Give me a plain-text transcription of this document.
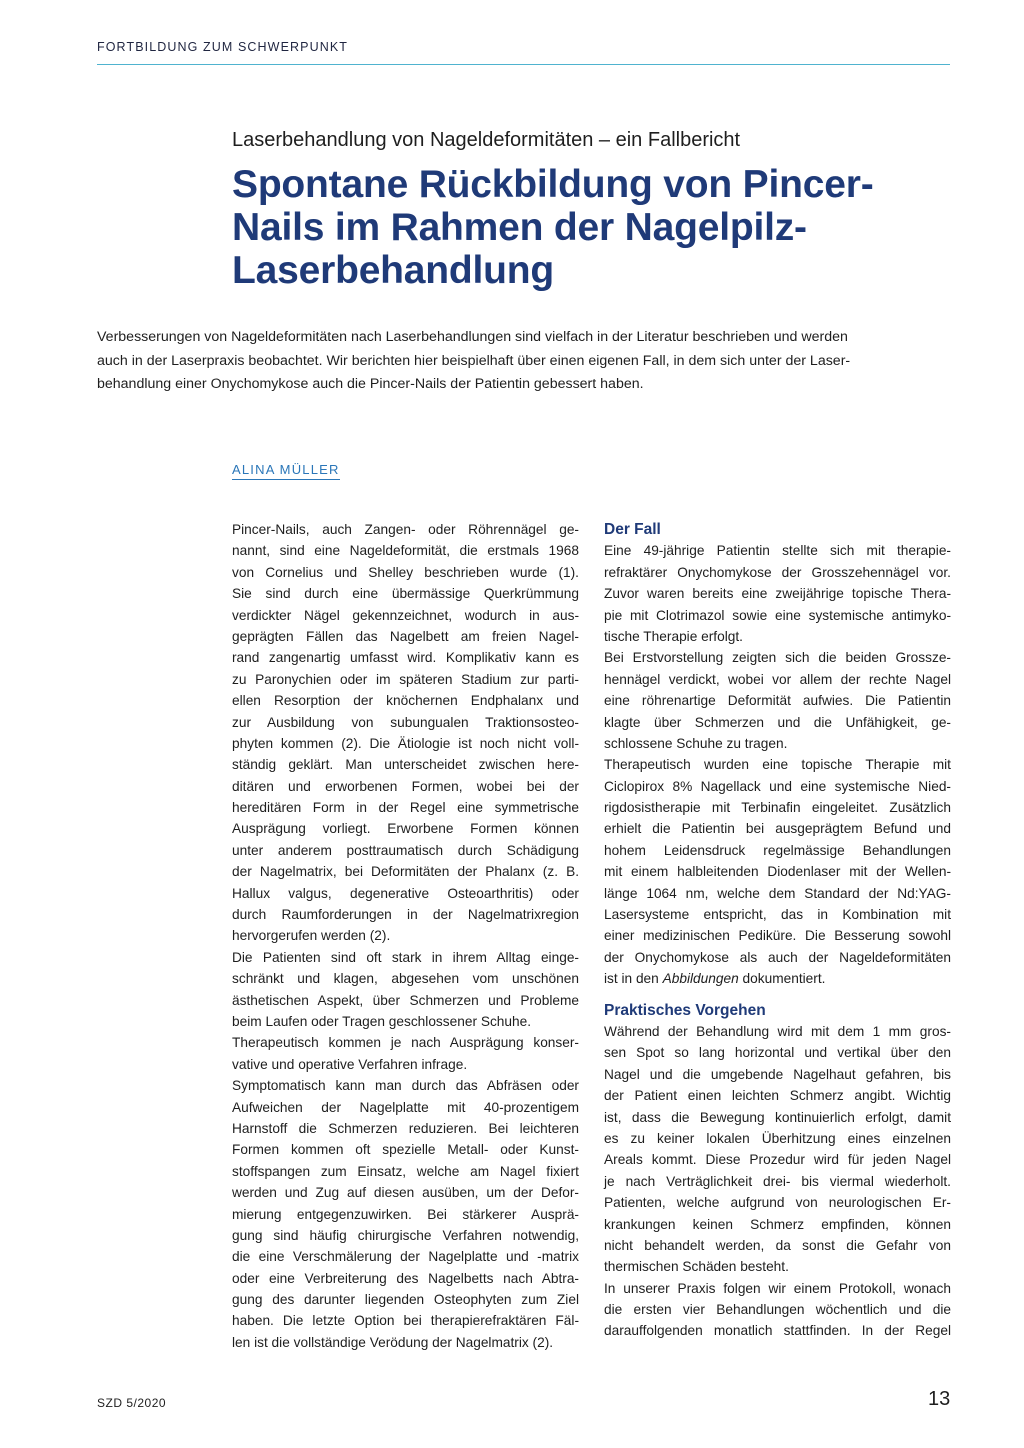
FORTBILDUNG ZUM SCHWERPUNKT
Laserbehandlung von Nageldeformitäten – ein Fallbericht
Spontane Rückbildung von Pincer-
Nails im Rahmen der Nagelpilz-
Laserbehandlung
Verbesserungen von Nageldeformitäten nach Laserbehandlungen sind vielfach in der Literatur beschrieben und werden
auch in der Laserpraxis beobachtet. Wir berichten hier beispielhaft über einen eigenen Fall, in dem sich unter der Laser-
behandlung einer Onychomykose auch die Pincer-Nails der Patientin gebessert haben.
ALINA MÜLLER
Pincer-Nails, auch Zangen- oder Röhrennägel ge-
nannt, sind eine Nageldeformität, die erstmals 1968
von Cornelius und Shelley beschrieben wurde (1).
Sie sind durch eine übermässige Querkrümmung
verdickter Nägel gekennzeichnet, wodurch in aus-
geprägten Fällen das Nagelbett am freien Nagel-
rand zangenartig umfasst wird. Komplikativ kann es
zu Paronychien oder im späteren Stadium zur parti-
ellen Resorption der knöchernen Endphalanx und
zur Ausbildung von subungualen Traktionsosteo-
phyten kommen (2). Die Ätiologie ist noch nicht voll-
ständig geklärt. Man unterscheidet zwischen here-
ditären und erworbenen Formen, wobei bei der
hereditären Form in der Regel eine symmetrische
Ausprägung vorliegt. Erworbene Formen können
unter anderem posttraumatisch durch Schädigung
der Nagelmatrix, bei Deformitäten der Phalanx (z. B.
Hallux valgus, degenerative Osteoarthritis) oder
durch Raumforderungen in der Nagelmatrixregion
hervorgerufen werden (2).
Die Patienten sind oft stark in ihrem Alltag einge-
schränkt und klagen, abgesehen vom unschönen
ästhetischen Aspekt, über Schmerzen und Probleme
beim Laufen oder Tragen geschlossener Schuhe.
Therapeutisch kommen je nach Ausprägung konser-
vative und operative Verfahren infrage.
Symptomatisch kann man durch das Abfräsen oder
Aufweichen der Nagelplatte mit 40-prozentigem
Harnstoff die Schmerzen reduzieren. Bei leichteren
Formen kommen oft spezielle Metall- oder Kunst-
stoffspangen zum Einsatz, welche am Nagel fixiert
werden und Zug auf diesen ausüben, um der Defor-
mierung entgegenzuwirken. Bei stärkerer Ausprä-
gung sind häufig chirurgische Verfahren notwendig,
die eine Verschmälerung der Nagelplatte und -matrix
oder eine Verbreiterung des Nagelbetts nach Abtra-
gung des darunter liegenden Osteophyten zum Ziel
haben. Die letzte Option bei therapierefraktären Fäl-
len ist die vollständige Verödung der Nagelmatrix (2).
Der Fall
Eine 49-jährige Patientin stellte sich mit therapie-
refraktärer Onychomykose der Grosszehennägel vor.
Zuvor waren bereits eine zweijährige topische Thera-
pie mit Clotrimazol sowie eine systemische antimyko-
tische Therapie erfolgt.
Bei Erstvorstellung zeigten sich die beiden Grossze-
hennägel verdickt, wobei vor allem der rechte Nagel
eine röhrenartige Deformität aufwies. Die Patientin
klagte über Schmerzen und die Unfähigkeit, ge-
schlossene Schuhe zu tragen.
Therapeutisch wurden eine topische Therapie mit
Ciclopirox 8% Nagellack und eine systemische Nied-
rigdosistherapie mit Terbinafin eingeleitet. Zusätzlich
erhielt die Patientin bei ausgeprägtem Befund und
hohem Leidensdruck regelmässige Behandlungen
mit einem halbleitenden Diodenlaser mit der Wellen-
länge 1064 nm, welche dem Standard der Nd:YAG-
Lasersysteme entspricht, das in Kombination mit
einer medizinischen Pediküre. Die Besserung sowohl
der Onychomykose als auch der Nageldeformitäten
ist in den Abbildungen dokumentiert.
Praktisches Vorgehen
Während der Behandlung wird mit dem 1 mm gros-
sen Spot so lang horizontal und vertikal über den
Nagel und die umgebende Nagelhaut gefahren, bis
der Patient einen leichten Schmerz angibt. Wichtig
ist, dass die Bewegung kontinuierlich erfolgt, damit
es zu keiner lokalen Überhitzung eines einzelnen
Areals kommt. Diese Prozedur wird für jeden Nagel
je nach Verträglichkeit drei- bis viermal wiederholt.
Patienten, welche aufgrund von neurologischen Er-
krankungen keinen Schmerz empfinden, können
nicht behandelt werden, da sonst die Gefahr von
thermischen Schäden besteht.
In unserer Praxis folgen wir einem Protokoll, wonach
die ersten vier Behandlungen wöchentlich und die
darauffolgenden monatlich stattfinden. In der Regel
SZD 5/2020	13
